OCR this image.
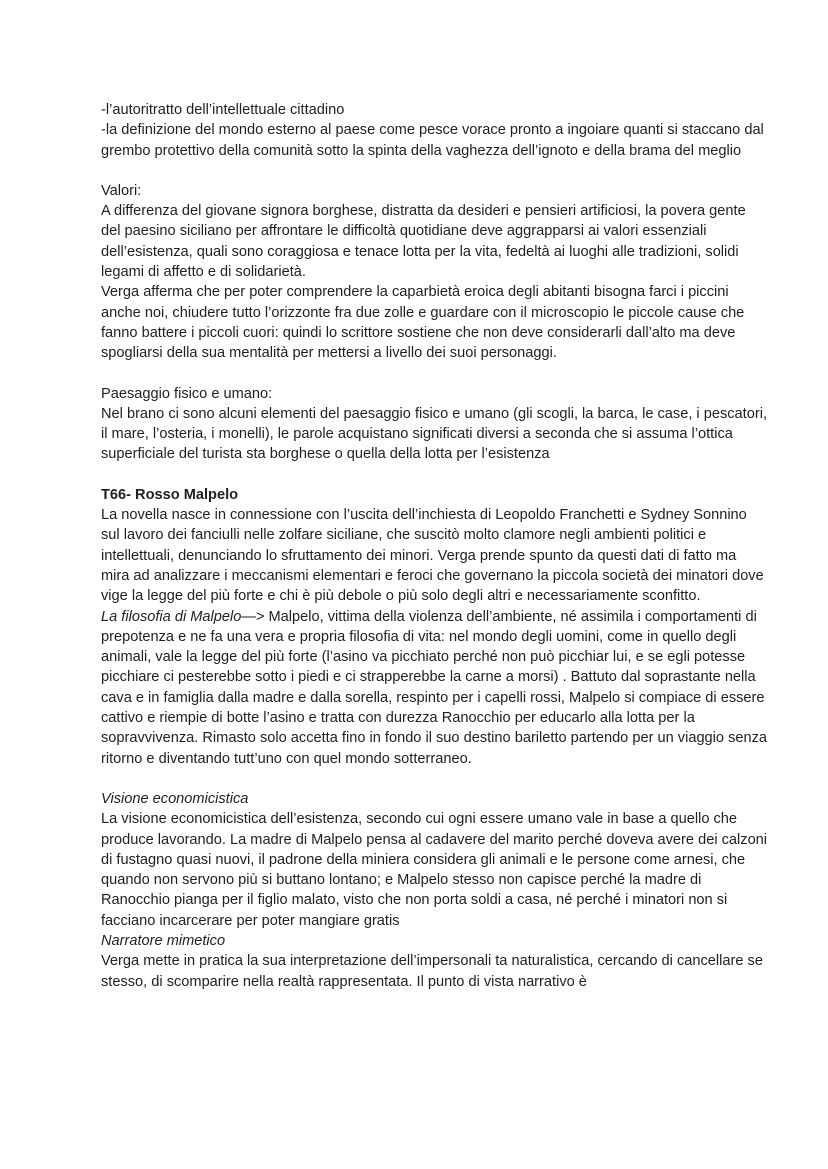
-l’autoritratto dell’intellettuale cittadino

-la definizione del mondo esterno al paese come pesce vorace pronto a ingoiare quanti si staccano dal grembo protettivo della comunità sotto la spinta della vaghezza dell’ignoto e della brama del meglio

Valori:

A differenza del giovane signora borghese, distratta da desideri e pensieri artificiosi, la povera gente del paesino siciliano per affrontare le difficoltà quotidiane deve aggrapparsi ai valori essenziali dell’esistenza, quali sono coraggiosa e tenace lotta per la vita, fedeltà ai luoghi alle tradizioni, solidi legami di affetto e di solidarietà.

Verga afferma che per poter comprendere la caparbietà eroica degli abitanti bisogna farci i piccini anche noi, chiudere tutto l’orizzonte fra due zolle e guardare con il microscopio le piccole cause che fanno battere i piccoli cuori: quindi lo scrittore sostiene che non deve considerarli dall’alto ma deve spogliarsi della sua mentalità per mettersi a livello dei suoi personaggi.

Paesaggio fisico e umano:

Nel brano ci sono alcuni elementi del paesaggio fisico e umano (gli scogli, la barca, le case, i pescatori, il mare, l’osteria, i monelli), le parole acquistano significati diversi a seconda che si assuma l’ottica superficiale del turista sta borghese o quella della lotta per l’esistenza

T66- Rosso Malpelo

La novella nasce in connessione con l’uscita dell’inchiesta di Leopoldo Franchetti e Sydney Sonnino sul lavoro dei fanciulli nelle zolfare siciliane, che suscitò molto clamore negli ambienti politici e intellettuali, denunciando lo sfruttamento dei minori. Verga prende spunto da questi dati di fatto ma mira ad analizzare i meccanismi elementari e feroci che governano la piccola società dei minatori dove vige la legge del più forte e chi è più debole o più solo degli altri e necessariamente sconfitto.

La filosofia di Malpelo—> Malpelo, vittima della violenza dell’ambiente, né assimila i comportamenti di prepotenza e ne fa una vera e propria filosofia di vita: nel mondo degli uomini, come in quello degli animali, vale la legge del più forte (l’asino va picchiato perché non può picchiar lui, e se egli potesse picchiare ci pesterebbe sotto i piedi e ci strapperebbe la carne a morsi) . Battuto dal soprastante nella cava e in famiglia dalla madre e dalla sorella, respinto per i capelli rossi, Malpelo si compiace di essere cattivo e riempie di botte l’asino e tratta con durezza Ranocchio per educarlo alla lotta per la sopravvivenza. Rimasto solo accetta fino in fondo il suo destino bariletto partendo per un viaggio senza ritorno e diventando tutt’uno con quel mondo sotterraneo.

Visione economicistica

La visione economicistica dell’esistenza, secondo cui ogni essere umano vale in base a quello che produce lavorando. La madre di Malpelo pensa al cadavere del marito perché doveva avere dei calzoni di fustagno quasi nuovi, il padrone della miniera considera gli animali e le persone come arnesi, che quando non servono più si buttano lontano; e Malpelo stesso non capisce perché la madre di Ranocchio pianga per il figlio malato, visto che non porta soldi a casa, né perché i minatori non si facciano incarcerare per poter mangiare gratis

Narratore mimetico

Verga mette in pratica la sua interpretazione dell’impersonali ta naturalistica, cercando di cancellare se stesso, di scomparire nella realtà rappresentata. Il punto di vista narrativo è
